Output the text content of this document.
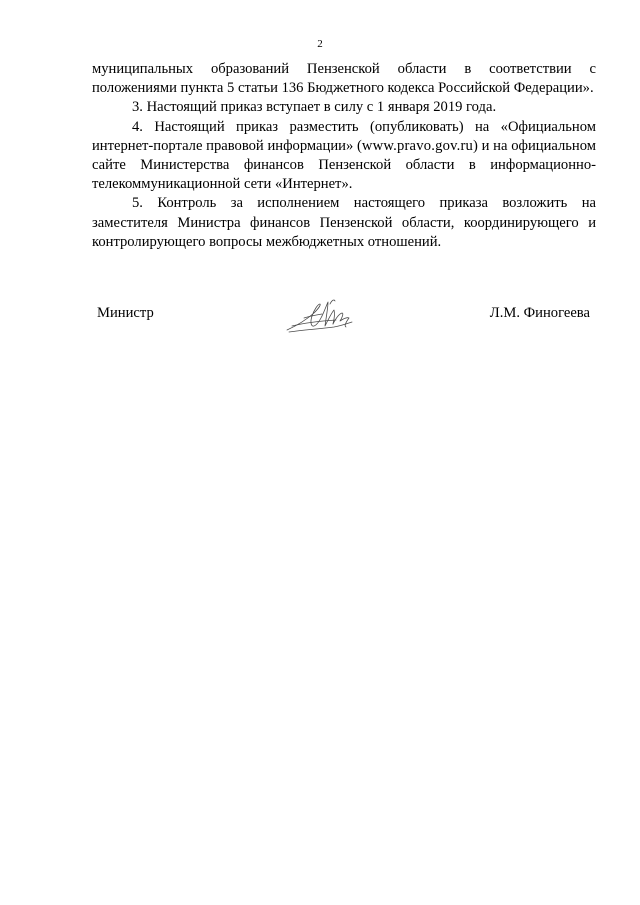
2

муниципальных образований Пензенской области в соответствии с положениями пункта 5 статьи 136 Бюджетного кодекса Российской Федерации».

3. Настоящий приказ вступает в силу с 1 января 2019 года.

4. Настоящий приказ разместить (опубликовать) на «Официальном интернет-портале правовой информации» (www.pravo.gov.ru) и на официальном сайте Министерства финансов Пензенской области в информационно-телекоммуникационной сети «Интернет».

5. Контроль за исполнением настоящего приказа возложить на заместителя Министра финансов Пензенской области, координирующего и контролирующего вопросы межбюджетных отношений.

Министр	Л.М. Финогеева
